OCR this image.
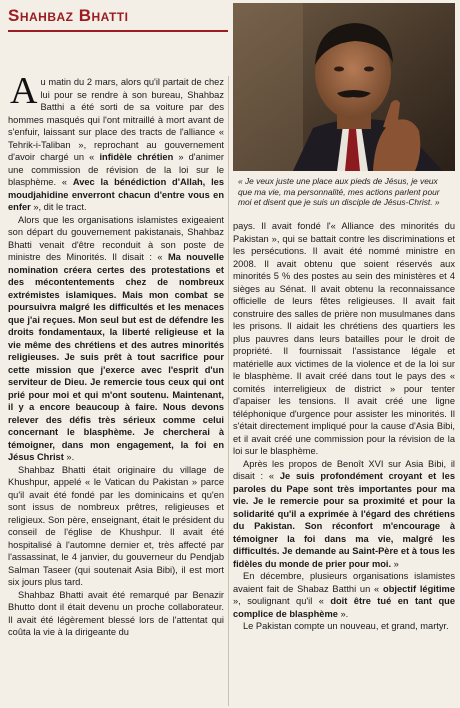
Shahbaz Bhatti
« Je veux juste une place aux pieds de Jésus, je veux que ma vie, ma personnalité, mes actions parlent pour moi et disent que je suis un disciple de Jésus-Christ. »

Au matin du 2 mars, alors qu'il partait de chez lui pour se rendre à son bureau, Shahbaz Batthi a été sorti de sa voiture par des hommes masqués qui l'ont mitraillé à mort avant de s'enfuir, laissant sur place des tracts de l'alliance « Tehrik-i-Taliban », reprochant au gouvernement d'avoir chargé un « infidèle chrétien » d'animer une commission de révision de la loi sur le blasphème. « Avec la bénédiction d'Allah, les moudjahidine enverront chacun d'entre vous en enfer », dit le tract.

Alors que les organisations islamistes exigeaient son départ du gouvernement pakistanais, Shahbaz Bhatti venait d'être reconduit à son poste de ministre des Minorités. Il disait : « Ma nouvelle nomination créera certes des protestations et des mécontentements chez de nombreux extrémistes islamiques. Mais mon combat se poursuivra malgré les difficultés et les menaces que j'ai reçues. Mon seul but est de défendre les droits fondamentaux, la liberté religieuse et la vie même des chrétiens et des autres minorités religieuses. Je suis prêt à tout sacrifice pour cette mission que j'exerce avec l'esprit d'un serviteur de Dieu. Je remercie tous ceux qui ont prié pour moi et qui m'ont soutenu. Maintenant, il y a encore beaucoup à faire. Nous devons relever des défis très sérieux comme celui concernant le blasphème. Je chercherai à témoigner, dans mon engagement, la foi en Jésus Christ ».

Shahbaz Bhatti était originaire du village de Khushpur, appelé « le Vatican du Pakistan » parce qu'il avait été fondé par les dominicains et qu'en sont issus de nombreux prêtres, religieuses et religieux. Son père, enseignant, était le président du conseil de l'église de Khushpur. Il avait été hospitalisé à l'automne dernier et, très affecté par l'assassinat, le 4 janvier, du gouverneur du Pendjab Salman Taseer (qui soutenait Asia Bibi), il est mort six jours plus tard.

Shahbaz Bhatti avait été remarqué par Benazir Bhutto dont il était devenu un proche collaborateur. Il avait été légèrement blessé lors de l'attentat qui coûta la vie à la dirigeante du

pays. Il avait fondé l'« Alliance des minorités du Pakistan », qui se battait contre les discriminations et les persécutions. Il avait été nommé ministre en 2008. Il avait obtenu que soient réservés aux minorités 5 % des postes au sein des ministères et 4 sièges au Sénat. Il avait obtenu la reconnaissance officielle de leurs fêtes religieuses. Il avait fait construire des salles de prière non musulmanes dans les prisons. Il aidait les chrétiens des quartiers les plus pauvres dans leurs batailles pour le droit de propriété. Il fournissait l'assistance légale et matérielle aux victimes de la violence et de la loi sur le blasphème. Il avait créé dans tout le pays des « comités interreligieux de district » pour tenter d'apaiser les tensions. Il avait créé une ligne téléphonique d'urgence pour assister les minorités. Il s'était directement impliqué pour la cause d'Asia Bibi, et il avait créé une commission pour la révision de la loi sur le blasphème.

Après les propos de Benoît XVI sur Asia Bibi, il disait : « Je suis profondément croyant et les paroles du Pape sont très importantes pour ma vie. Je le remercie pour sa proximité et pour la solidarité qu'il a exprimée à l'égard des chrétiens du Pakistan. Son réconfort m'encourage à témoigner la foi dans ma vie, malgré les difficultés. Je demande au Saint-Père et à tous les fidèles du monde de prier pour moi. »

En décembre, plusieurs organisations islamistes avaient fait de Shabaz Batthi un « objectif légitime », soulignant qu'il « doit être tué en tant que complice de blasphème ».

Le Pakistan compte un nouveau, et grand, martyr.
